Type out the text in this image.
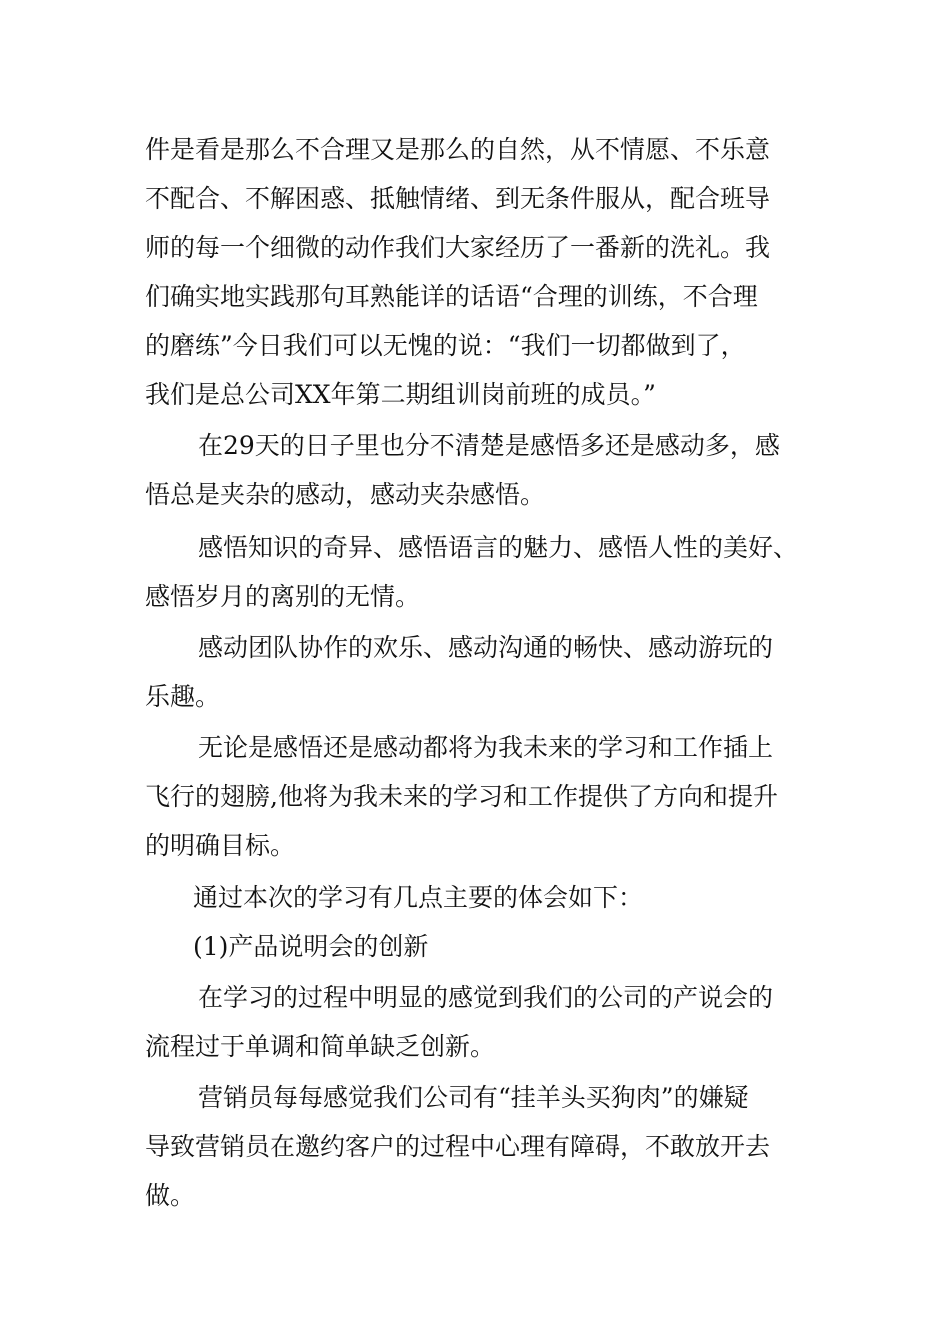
件是看是那么不合理又是那么的自然，从不情愿、不乐意
不配合、不解困惑、抵触情绪、到无条件服从，配合班导
师的每一个细微的动作我们大家经历了一番新的洗礼。我
们确实地实践那句耳熟能详的话语“合理的训练，不合理
的磨练”今日我们可以无愧的说：“我们一切都做到了，
我们是总公司XX年第二期组训岗前班的成员。”
在29天的日子里也分不清楚是感悟多还是感动多，感
悟总是夹杂的感动，感动夹杂感悟。
感悟知识的奇异、感悟语言的魅力、感悟人性的美好、
感悟岁月的离别的无情。
感动团队协作的欢乐、感动沟通的畅快、感动游玩的
乐趣。
无论是感悟还是感动都将为我未来的学习和工作插上
飞行的翅膀,他将为我未来的学习和工作提供了方向和提升
的明确目标。
通过本次的学习有几点主要的体会如下：
(1)产品说明会的创新
在学习的过程中明显的感觉到我们的公司的产说会的
流程过于单调和简单缺乏创新。
营销员每每感觉我们公司有“挂羊头买狗肉”的嫌疑
导致营销员在邀约客户的过程中心理有障碍，不敢放开去
做。
